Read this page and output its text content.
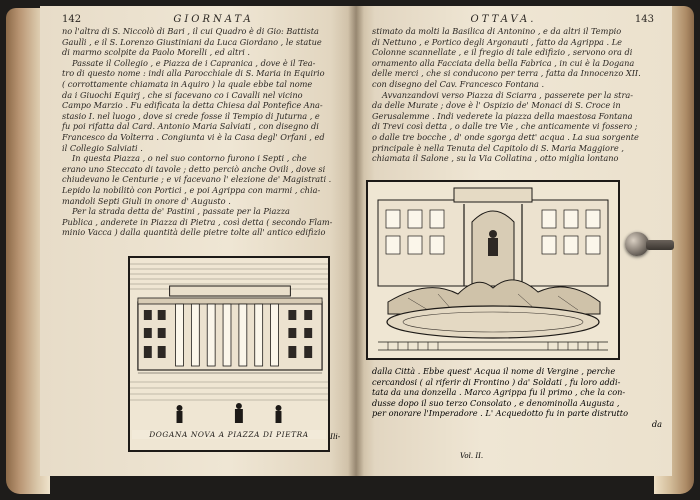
142	GIORNATA
no l'altra di S. Niccolò di Bari , il cui Quadro è di Gio: Battista
Gaulli , e il S. Lorenzo Giustiniani da Luca Giordano , le statue
di marmo scolpite da Paolo Morelli , ed altri .
Passate il Collegio , e Piazza de i Capranica , dove è il Tea-
tro di questo nome : indi alla Parocchiale di S. Maria in Equirio
( corrottamente chiamata in Aquiro ) la quale ebbe tal nome
da i Giuochi Equirj , che si facevano co i Cavalli nel vicino
Campo Marzio . Fu edificata la detta Chiesa dal Pontefice Ana-
stasio I. nel luogo , dove si crede fosse il Tempio di Juturna , e
fu poi rifatta dal Card. Antonio Maria Salviati , con disegno di
Francesco da Volterra . Congiunta vi è la Casa degl' Orfani , ed
il Collegio Salviati .
In questa Piazza , o nel suo contorno furono i Septi , che
erano uno Steccato di tavole ; detto perciò anche Ovili , dove si
chiudevano le Centurie ; e vi facevano l' elezione de' Magistrati .
Lepido la nobilitò con Portici , e poi Agrippa con marmi , chia-
mandoli Septi Giuli in onore d' Augusto .
Per la strada detta de' Pastini , passate per la Piazza
Publica , anderete in Piazza di Pietra , così detta ( secondo Flam-
minio Vacca ) dalla quantità delle pietre tolte all' antico edifizio
OTTAVA.	143
stimato da molti la Basilica di Antonino , e da altri il Tempio
di Nettuno , e Portico degli Argonauti , fatto da Agrippa . Le
Colonne scannellate , e il fregio di tale edifizio , servono ora di
ornamento alla Facciata della bella Fabrica , in cui è la Dogana
delle merci , che si conducono per terra , fatta da Innocenzo XII.
con disegno del Cav. Francesco Fontana .
Avvanzandovi verso Piazza di Sciarra , passerete per la stra-
da delle Murate ; dove è l' Ospizio de' Monaci di S. Croce in
Gerusalemme . Indi vederete la piazza della maestosa Fontana
di Trevi così detta , o dalle tre Vie , che anticamente vi fossero ;
o dalle tre bocche , d' onde sgorga dett' acqua . La sua sorgente
principale è nella Tenuta del Capitolo di S. Maria Maggiore ,
chiamata il Salone , su la Via Collatina , otto miglia lontano
DOGANA NOVA A PIAZZA DI PIETRA	Ili-
dalla Città . Ebbe quest' Acqua il nome di Vergine , perche
cercandosi ( al riferir di Frontino ) da' Soldati , fu loro addi-
tata da una donzella . Marco Agrippa fu il primo , che la con-
dusse dopo il suo terzo Consolato , e denominolla Augusta ,
per onorare l'Imperadore . L' Acquedotto fu in parte distrutto
da
Vol. II.
